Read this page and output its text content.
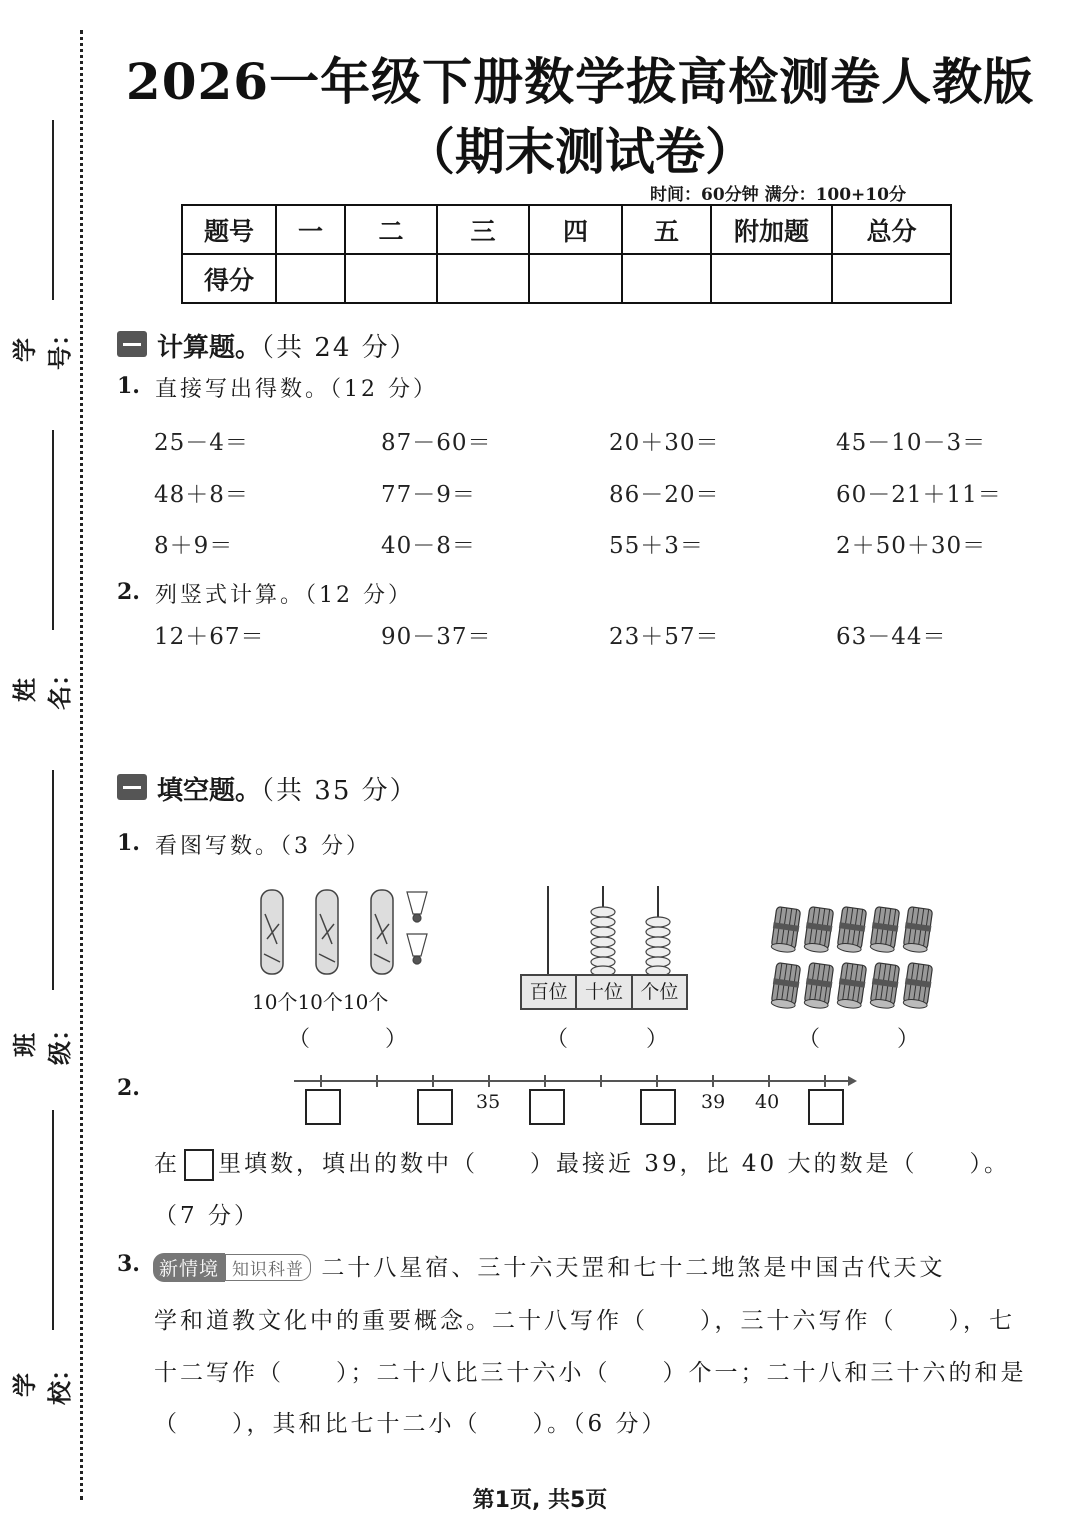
学号：
姓名：
班级：
学校：
2026一年级下册数学拔高检测卷人教版
（期末测试卷）
时间：60分钟 满分：100+10分
题号	一	二	三	四	五	附加题	总分
得分							
计算题。（共 24 分）
1. 直接写出得数。（12 分）
25－4＝	87－60＝	20＋30＝	45－10－3＝
48＋8＝	77－9＝	86－20＝	60－21＋11＝
8＋9＝	40－8＝	55＋3＝	2＋50＋30＝
2. 列竖式计算。（12 分）
12＋67＝	90－37＝	23＋57＝	63－44＝
填空题。（共 35 分）
1. 看图写数。（3 分）
10个10个10个
（	）
百位 十位 个位
（	）	（	）
2.
35	39 40
在 里填数，填出的数中（　　）最接近 39，比 40 大的数是（　　）。
（7 分）
3.	新情境 知识科普 二十八星宿、三十六天罡和七十二地煞是中国古代天文
学和道教文化中的重要概念。二十八写作（　　），三十六写作（　　），七
十二写作（　　）；二十八比三十六小（　　）个一；二十八和三十六的和是
（　　），其和比七十二小（　　）。（6 分）
第1页, 共5页
